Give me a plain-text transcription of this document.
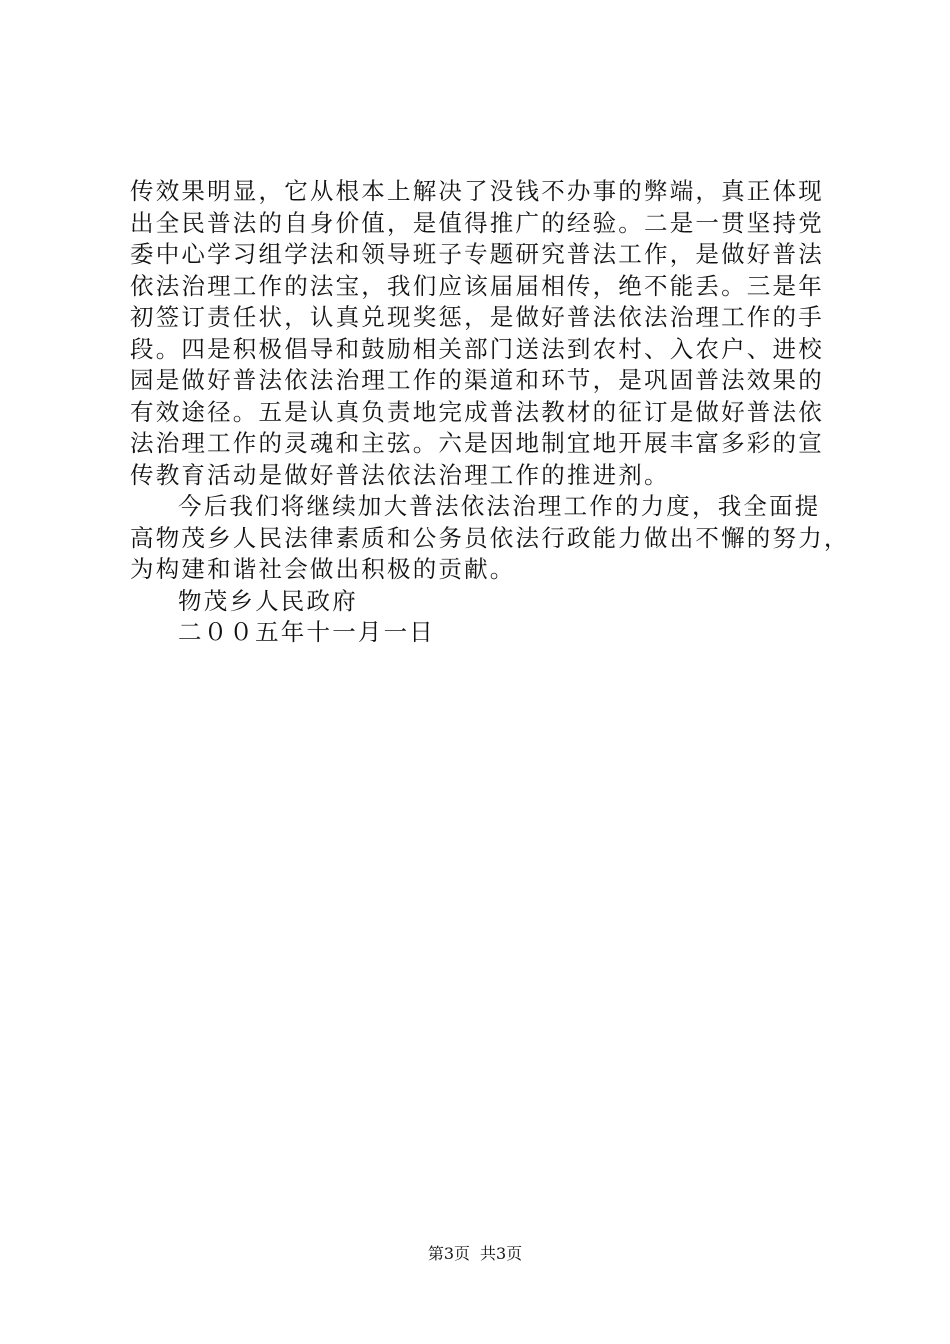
传效果明显，它从根本上解决了没钱不办事的弊端，真正体现
出全民普法的自身价值，是值得推广的经验。二是一贯坚持党
委中心学习组学法和领导班子专题研究普法工作，是做好普法
依法治理工作的法宝，我们应该届届相传，绝不能丢。三是年
初签订责任状，认真兑现奖惩，是做好普法依法治理工作的手
段。四是积极倡导和鼓励相关部门送法到农村、入农户、进校
园是做好普法依法治理工作的渠道和环节，是巩固普法效果的
有效途径。五是认真负责地完成普法教材的征订是做好普法依
法治理工作的灵魂和主弦。六是因地制宜地开展丰富多彩的宣
传教育活动是做好普法依法治理工作的推进剂。
今后我们将继续加大普法依法治理工作的力度，我全面提
高物茂乡人民法律素质和公务员依法行政能力做出不懈的努力，
为构建和谐社会做出积极的贡献。
物茂乡人民政府
二００五年十一月一日
第3页 共3页
